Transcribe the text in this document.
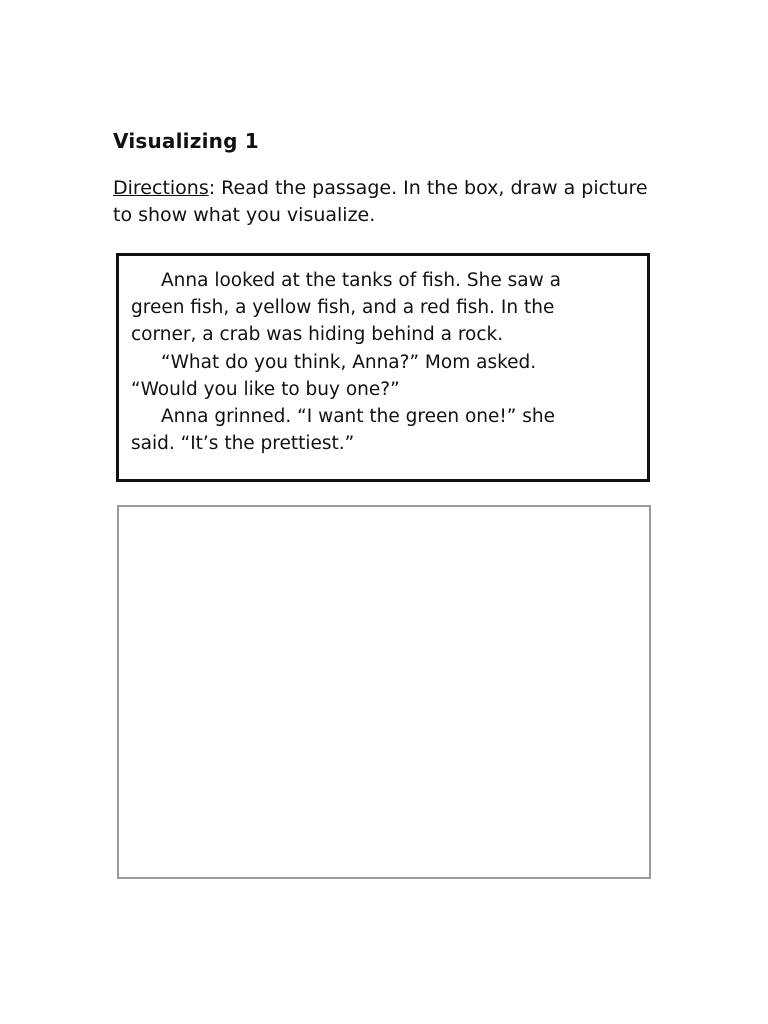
Visualizing 1

Directions: Read the passage. In the box, draw a picture to show what you visualize.

Anna looked at the tanks of fish. She saw a
green fish, a yellow fish, and a red fish. In the
corner, a crab was hiding behind a rock.
“What do you think, Anna?” Mom asked.
“Would you like to buy one?”
Anna grinned. “I want the green one!” she
said. “It’s the prettiest.”
